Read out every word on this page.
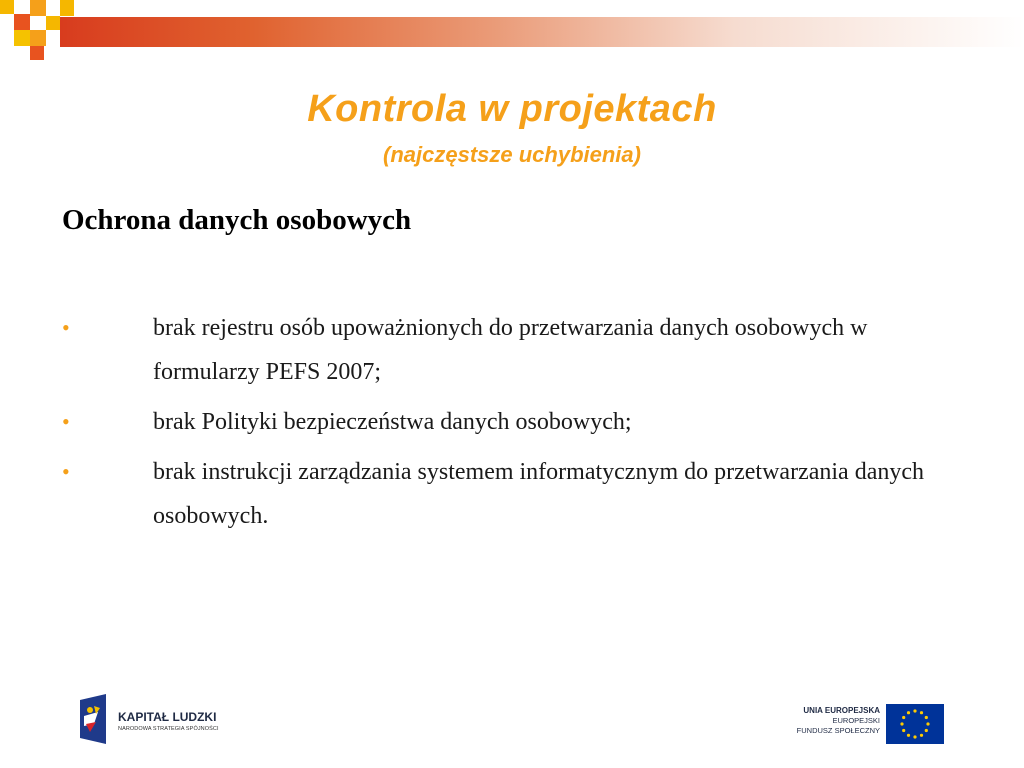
Kontrola w projektach
(najczęstsze uchybienia)
Ochrona danych osobowych
•	brak rejestru osób upoważnionych do przetwarzania danych osobowych w formularzy PEFS 2007;
•	brak Polityki bezpieczeństwa danych osobowych;
•	brak instrukcji zarządzania systemem informatycznym do przetwarzania danych osobowych.
KAPITAŁ LUDZKI
NARODOWA STRATEGIA SPÓJNOŚCI
UNIA EUROPEJSKA
EUROPEJSKI
FUNDUSZ SPOŁECZNY
